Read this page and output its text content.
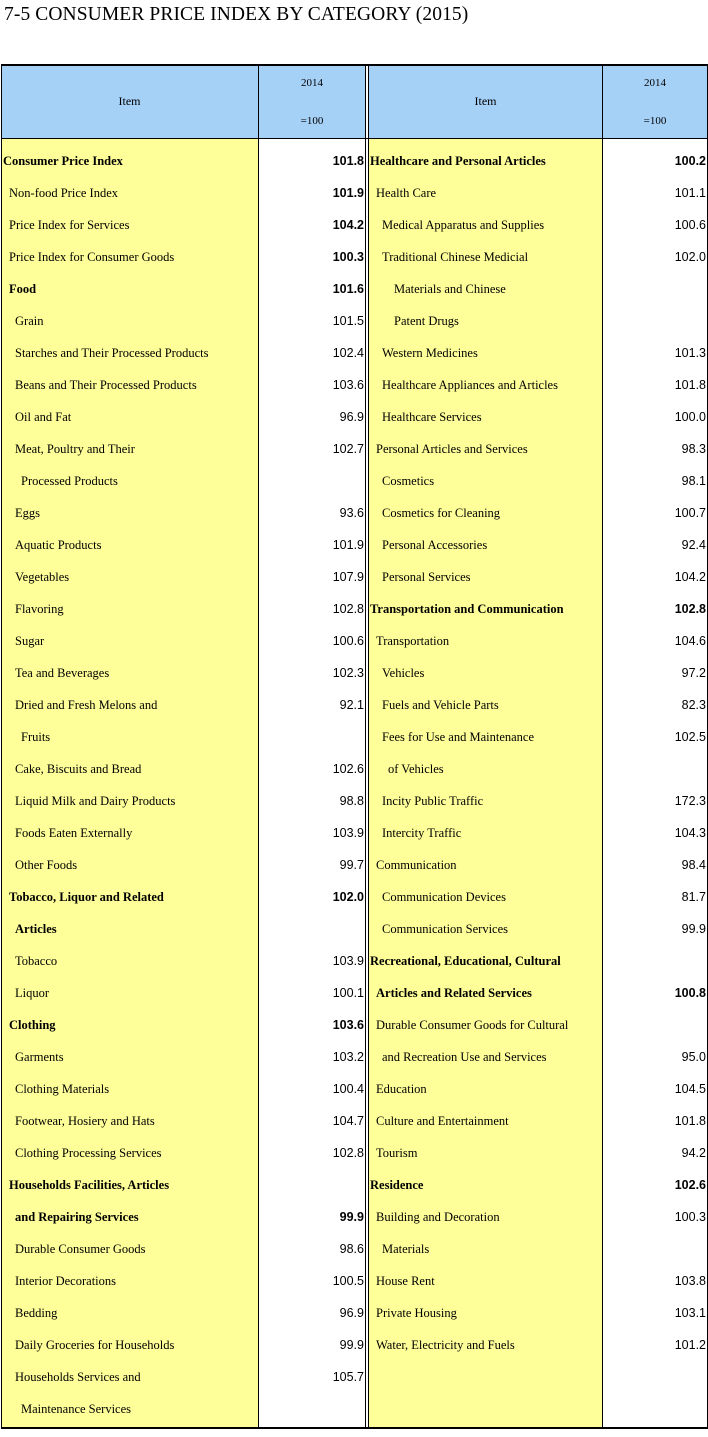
7-5 CONSUMER PRICE INDEX BY CATEGORY (2015)
Item
2014
=100
Item
2014
=100
Consumer Price Index	101.8
Non-food Price Index	101.9
Price Index for Services	104.2
Price Index for Consumer Goods	100.3
Food	101.6
Grain	101.5
Starches and Their Processed Products	102.4
Beans and Their Processed Products	103.6
Oil and Fat	96.9
Meat, Poultry and Their	102.7
Processed Products
Eggs	93.6
Aquatic Products	101.9
Vegetables	107.9
Flavoring	102.8
Sugar	100.6
Tea and Beverages	102.3
Dried and Fresh Melons and	92.1
Fruits
Cake, Biscuits and Bread	102.6
Liquid Milk and Dairy Products	98.8
Foods Eaten Externally	103.9
Other Foods	99.7
Tobacco, Liquor and Related	102.0
Articles
Tobacco	103.9
Liquor	100.1
Clothing	103.6
Garments	103.2
Clothing Materials	100.4
Footwear, Hosiery and Hats	104.7
Clothing Processing Services	102.8
Households Facilities, Articles
and Repairing Services	99.9
Durable Consumer Goods	98.6
Interior Decorations	100.5
Bedding	96.9
Daily Groceries for Households	99.9
Households Services and	105.7
Maintenance Services
Healthcare and Personal Articles	100.2
Health Care	101.1
Medical Apparatus and Supplies	100.6
Traditional Chinese Medicial	102.0
Materials and Chinese
Patent Drugs
Western Medicines	101.3
Healthcare Appliances and Articles	101.8
Healthcare Services	100.0
Personal Articles and Services	98.3
Cosmetics	98.1
Cosmetics for Cleaning	100.7
Personal Accessories	92.4
Personal Services	104.2
Transportation and Communication	102.8
Transportation	104.6
Vehicles	97.2
Fuels and Vehicle Parts	82.3
Fees for Use and Maintenance	102.5
of Vehicles
Incity Public Traffic	172.3
Intercity Traffic	104.3
Communication	98.4
Communication Devices	81.7
Communication Services	99.9
Recreational, Educational, Cultural
Articles and Related Services	100.8
Durable Consumer Goods for Cultural
and Recreation Use and Services	95.0
Education	104.5
Culture and Entertainment	101.8
Tourism	94.2
Residence	102.6
Building and Decoration	100.3
Materials
House Rent	103.8
Private Housing	103.1
Water, Electricity and Fuels	101.2
